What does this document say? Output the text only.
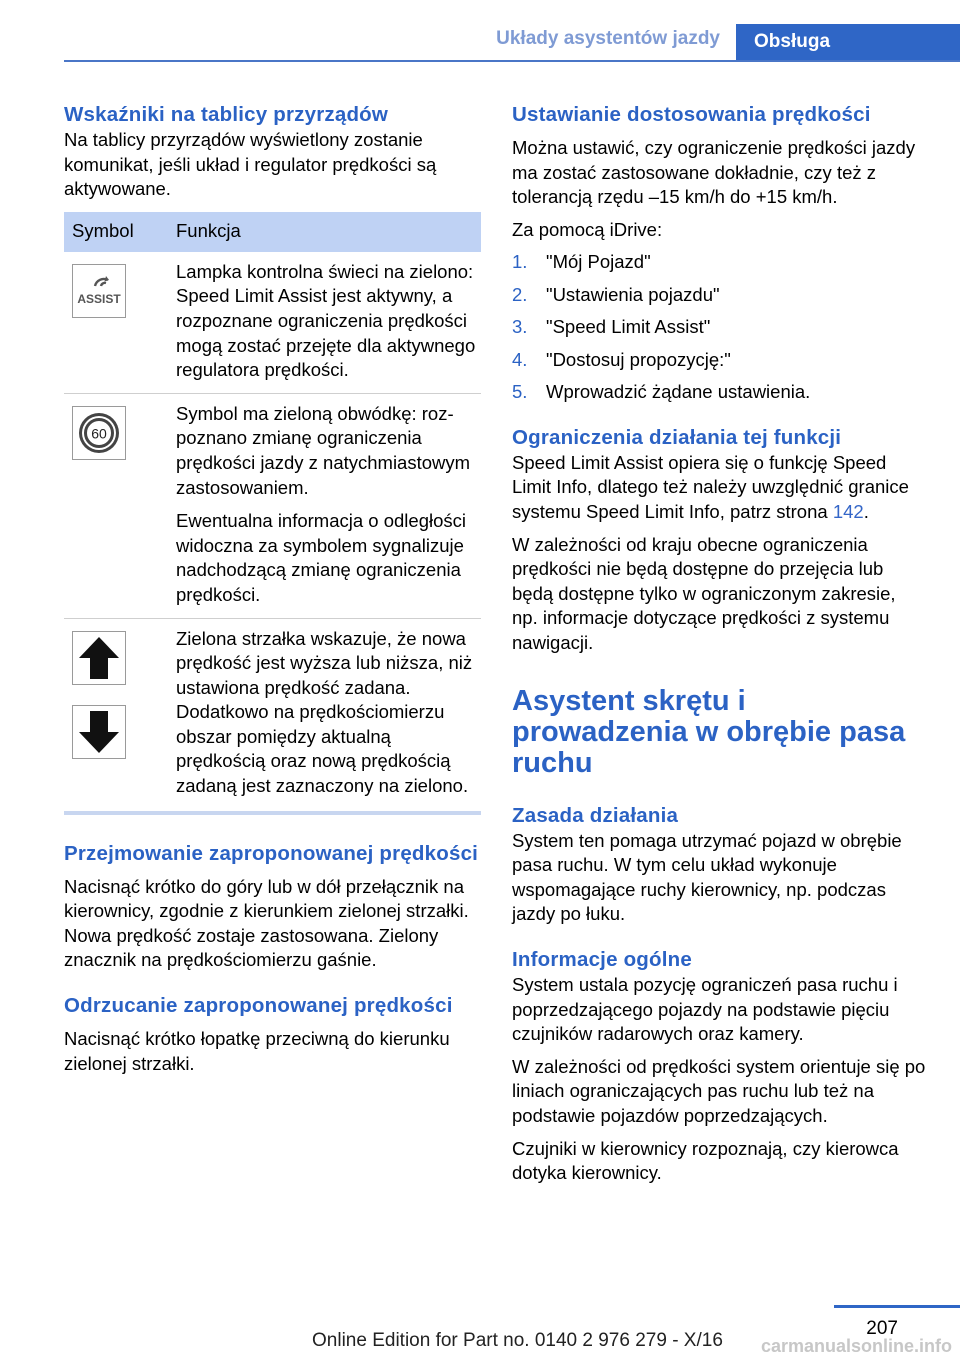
Układy asystentów jazdy	Obsługa
Wskaźniki na tablicy przyrządów

Na tablicy przyrządów wyświetlony zostanie komunikat, jeśli układ i regulator prędkości są aktywowane.

Symbol	Funkcja

ASSIST	Lampka kontrolna świeci na zielono: Speed Limit Assist jest aktywny, a rozpoznane ograniczenia prędkości mogą zostać przejęte dla aktywnego regulatora prędkości.

60	Symbol ma zieloną obwódkę: rozpoznano zmianę ograniczenia prędkości jazdy z natychmiastowym zastosowaniem.

Ewentualna informacja o odległości widoczna za symbolem sygnalizuje nadchodzącą zmianę ograniczenia prędkości.

Zielona strzałka wskazuje, że nowa prędkość jest wyższa lub niższa, niż ustawiona prędkość zadana. Dodatkowo na prędkościomierzu obszar pomiędzy aktualną prędkością oraz nową prędkością zadaną jest zaznaczony na zielono.

Przejmowanie zaproponowanej prędkości

Nacisnąć krótko do góry lub w dół przełącznik na kierownicy, zgodnie z kierunkiem zielonej strzałki. Nowa prędkość zostaje zastosowana. Zielony znacznik na prędkościomierzu gaśnie.

Odrzucanie zaproponowanej prędkości

Nacisnąć krótko łopatkę przeciwną do kierunku zielonej strzałki.

Ustawianie dostosowania prędkości

Można ustawić, czy ograniczenie prędkości jazdy ma zostać zastosowane dokładnie, czy też z tolerancją rzędu –15 km/h do +15 km/h.

Za pomocą iDrive:

1.	"Mój Pojazd"
2.	"Ustawienia pojazdu"
3.	"Speed Limit Assist"
4.	"Dostosuj propozycję:"
5.	Wprowadzić żądane ustawienia.
Ograniczenia działania tej funkcji

Speed Limit Assist opiera się o funkcję Speed Limit Info, dlatego też należy uwzględnić granice systemu Speed Limit Info, patrz strona 142.

W zależności od kraju obecne ograniczenia prędkości nie będą dostępne do przejęcia lub będą dostępne tylko w ograniczonym zakresie, np. informacje dotyczące prędkości z systemu nawigacji.

Asystent skrętu i prowadzenia w obrębie pasa ruchu
Zasada działania

System ten pomaga utrzymać pojazd w obrębie pasa ruchu. W tym celu układ wykonuje wspomagające ruchy kierownicy, np. podczas jazdy po łuku.

Informacje ogólne

System ustala pozycję ograniczeń pasa ruchu i poprzedzającego pojazdy na podstawie pięciu czujników radarowych oraz kamery.

W zależności od prędkości system orientuje się po liniach ograniczających pas ruchu lub też na podstawie pojazdów poprzedzających.

Czujniki w kierownicy rozpoznają, czy kierowca dotyka kierownicy.

207
Online Edition for Part no. 0140 2 976 279 - X/16 carmanualsonline.info
